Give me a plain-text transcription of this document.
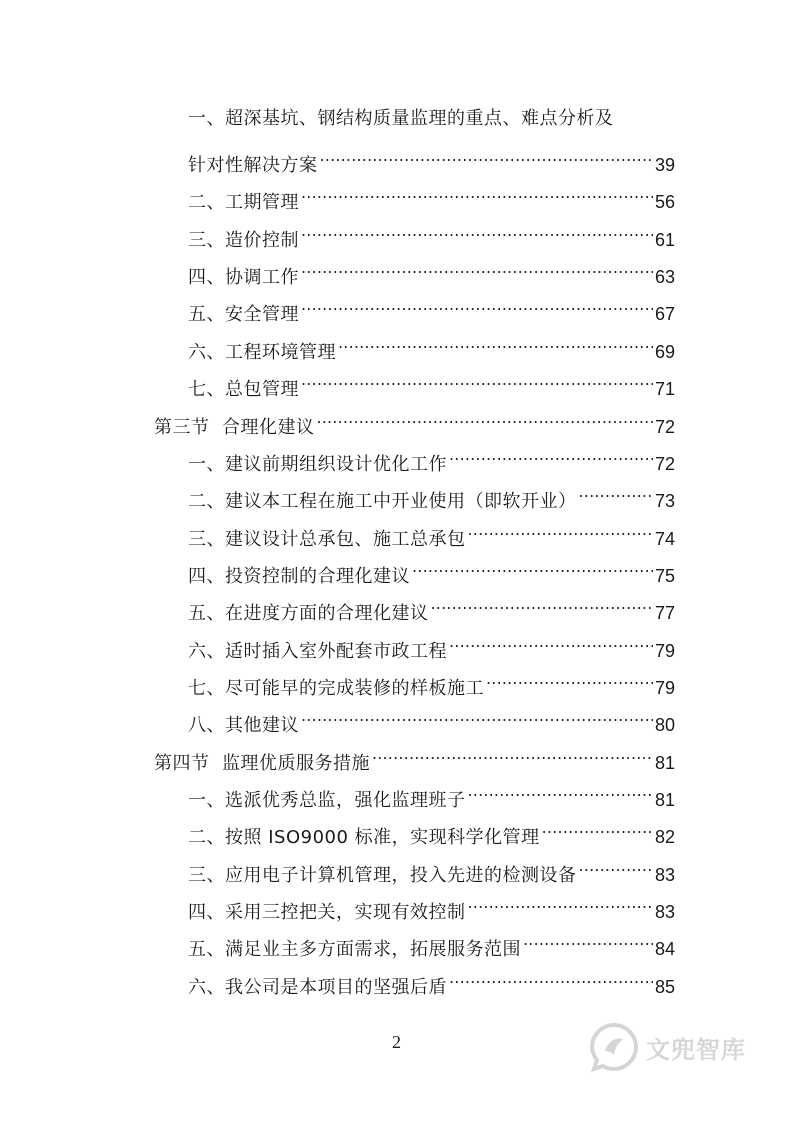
一、超深基坑、钢结构质量监理的重点、难点分析及
针对性解决方案 .....	39
二、工期管理 .....	56
三、造价控制 .....	61
四、协调工作 .....	63
五、安全管理 .....	67
六、工程环境管理 .....	69
七、总包管理 .....	71
第三节  合理化建议 .....	72
一、建议前期组织设计优化工作 .....	72
二、建议本工程在施工中开业使用（即软开业） .....	73
三、建议设计总承包、施工总承包 .....	74
四、投资控制的合理化建议 .....	75
五、在进度方面的合理化建议 .....	77
六、适时插入室外配套市政工程 .....	79
七、尽可能早的完成装修的样板施工 .....	79
八、其他建议 .....	80
第四节  监理优质服务措施 .....	81
一、选派优秀总监，强化监理班子 .....	81
二、按照 ISO9000 标准，实现科学化管理 .....	82
三、应用电子计算机管理，投入先进的检测设备 .....	83
四、采用三控把关，实现有效控制 .....	83
五、满足业主多方面需求，拓展服务范围 .....	84
六、我公司是本项目的坚强后盾 .....	85
2	文兜智库
